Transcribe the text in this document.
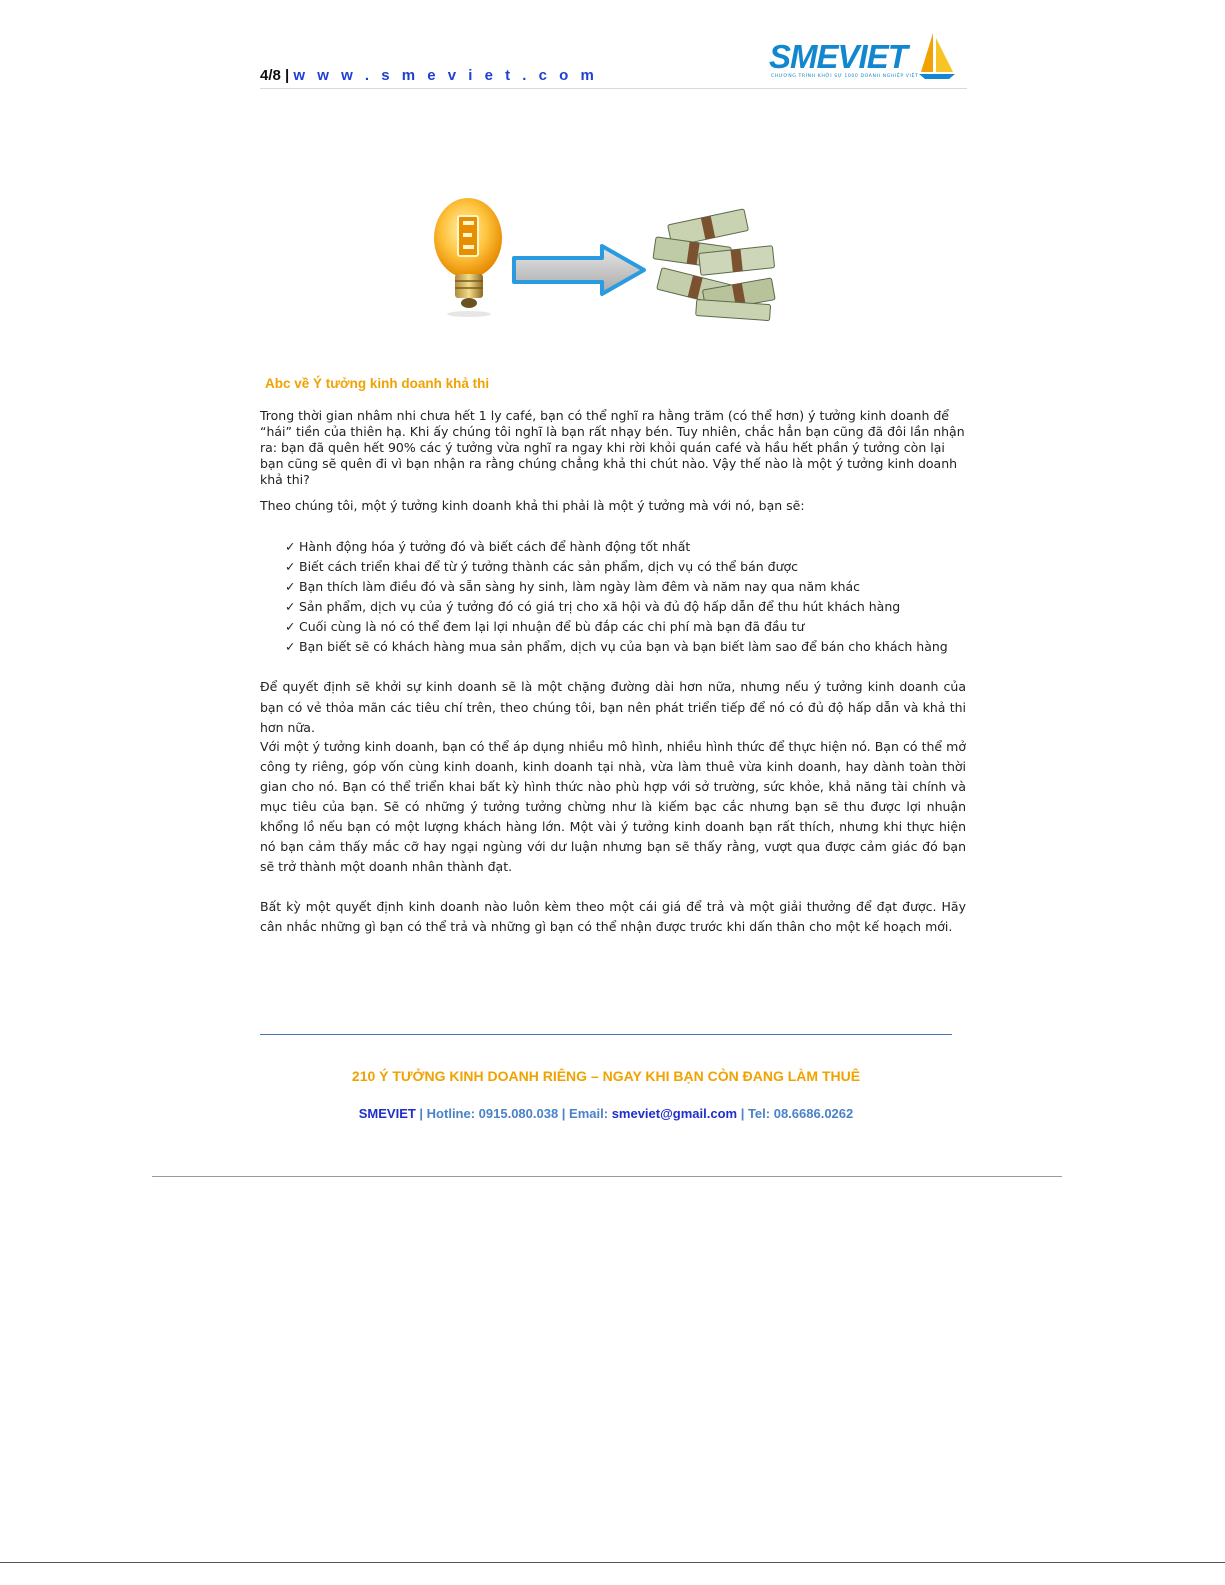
4/8 | w w w . s m e v i e t . c o m
SMEVIET
CHƯƠNG TRÌNH KHỞI SỰ 1000 DOANH NGHIỆP VIỆT
Abc về Ý tưởng kinh doanh khả thi

Trong thời gian nhâm nhi chưa hết 1 ly café, bạn có thể nghĩ ra hằng trăm (có thể hơn) ý tưởng kinh doanh để “hái” tiền của thiên hạ. Khi ấy chúng tôi nghĩ là bạn rất nhạy bén. Tuy nhiên, chắc hẳn bạn cũng đã đôi lần nhận ra: bạn đã quên hết 90% các ý tưởng vừa nghĩ ra ngay khi rời khỏi quán café và hầu hết phần ý tưởng còn lại bạn cũng sẽ quên đi vì bạn nhận ra rằng chúng chẳng khả thi chút nào. Vậy thế nào là một ý tưởng kinh doanh khả thi?

Theo chúng tôi, một ý tưởng kinh doanh khả thi phải là một ý tưởng mà với nó, bạn sẽ:

✓ Hành động hóa ý tưởng đó và biết cách để hành động tốt nhất
✓ Biết cách triển khai để từ ý tưởng thành các sản phẩm, dịch vụ có thể bán được
✓ Bạn thích làm điều đó và sẵn sàng hy sinh, làm ngày làm đêm và năm nay qua năm khác
✓ Sản phẩm, dịch vụ của ý tưởng đó có giá trị cho xã hội và đủ độ hấp dẫn để thu hút khách hàng
✓ Cuối cùng là nó có thể đem lại lợi nhuận để bù đắp các chi phí mà bạn đã đầu tư
✓ Bạn biết sẽ có khách hàng mua sản phẩm, dịch vụ của bạn và bạn biết làm sao để bán cho khách hàng

Để quyết định sẽ khởi sự kinh doanh sẽ là một chặng đường dài hơn nữa, nhưng nếu ý tưởng kinh doanh của bạn có vẻ thỏa mãn các tiêu chí trên, theo chúng tôi, bạn nên phát triển tiếp để nó có đủ độ hấp dẫn và khả thi hơn nữa.

Với một ý tưởng kinh doanh, bạn có thể áp dụng nhiều mô hình, nhiều hình thức để thực hiện nó. Bạn có thể mở công ty riêng, góp vốn cùng kinh doanh, kinh doanh tại nhà, vừa làm thuê vừa kinh doanh, hay dành toàn thời gian cho nó. Bạn có thể triển khai bất kỳ hình thức nào phù hợp với sở trường, sức khỏe, khả năng tài chính và mục tiêu của bạn. Sẽ có những ý tưởng tưởng chừng như là kiếm bạc cắc nhưng bạn sẽ thu được lợi nhuận khổng lồ nếu bạn có một lượng khách hàng lớn. Một vài ý tưởng kinh doanh bạn rất thích, nhưng khi thực hiện nó bạn cảm thấy mắc cỡ hay ngại ngùng với dư luận nhưng bạn sẽ thấy rằng, vượt qua được cảm giác đó bạn sẽ trở thành một doanh nhân thành đạt.

Bất kỳ một quyết định kinh doanh nào luôn kèm theo một cái giá để trả và một giải thưởng để đạt được. Hãy cân nhắc những gì bạn có thể trả và những gì bạn có thể nhận được trước khi dấn thân cho một kế hoạch mới.

210 Ý TƯỞNG KINH DOANH RIÊNG – NGAY KHI BẠN CÒN ĐANG LÀM THUÊ
SMEVIET | Hotline: 0915.080.038 | Email: smeviet@gmail.com | Tel: 08.6686.0262
